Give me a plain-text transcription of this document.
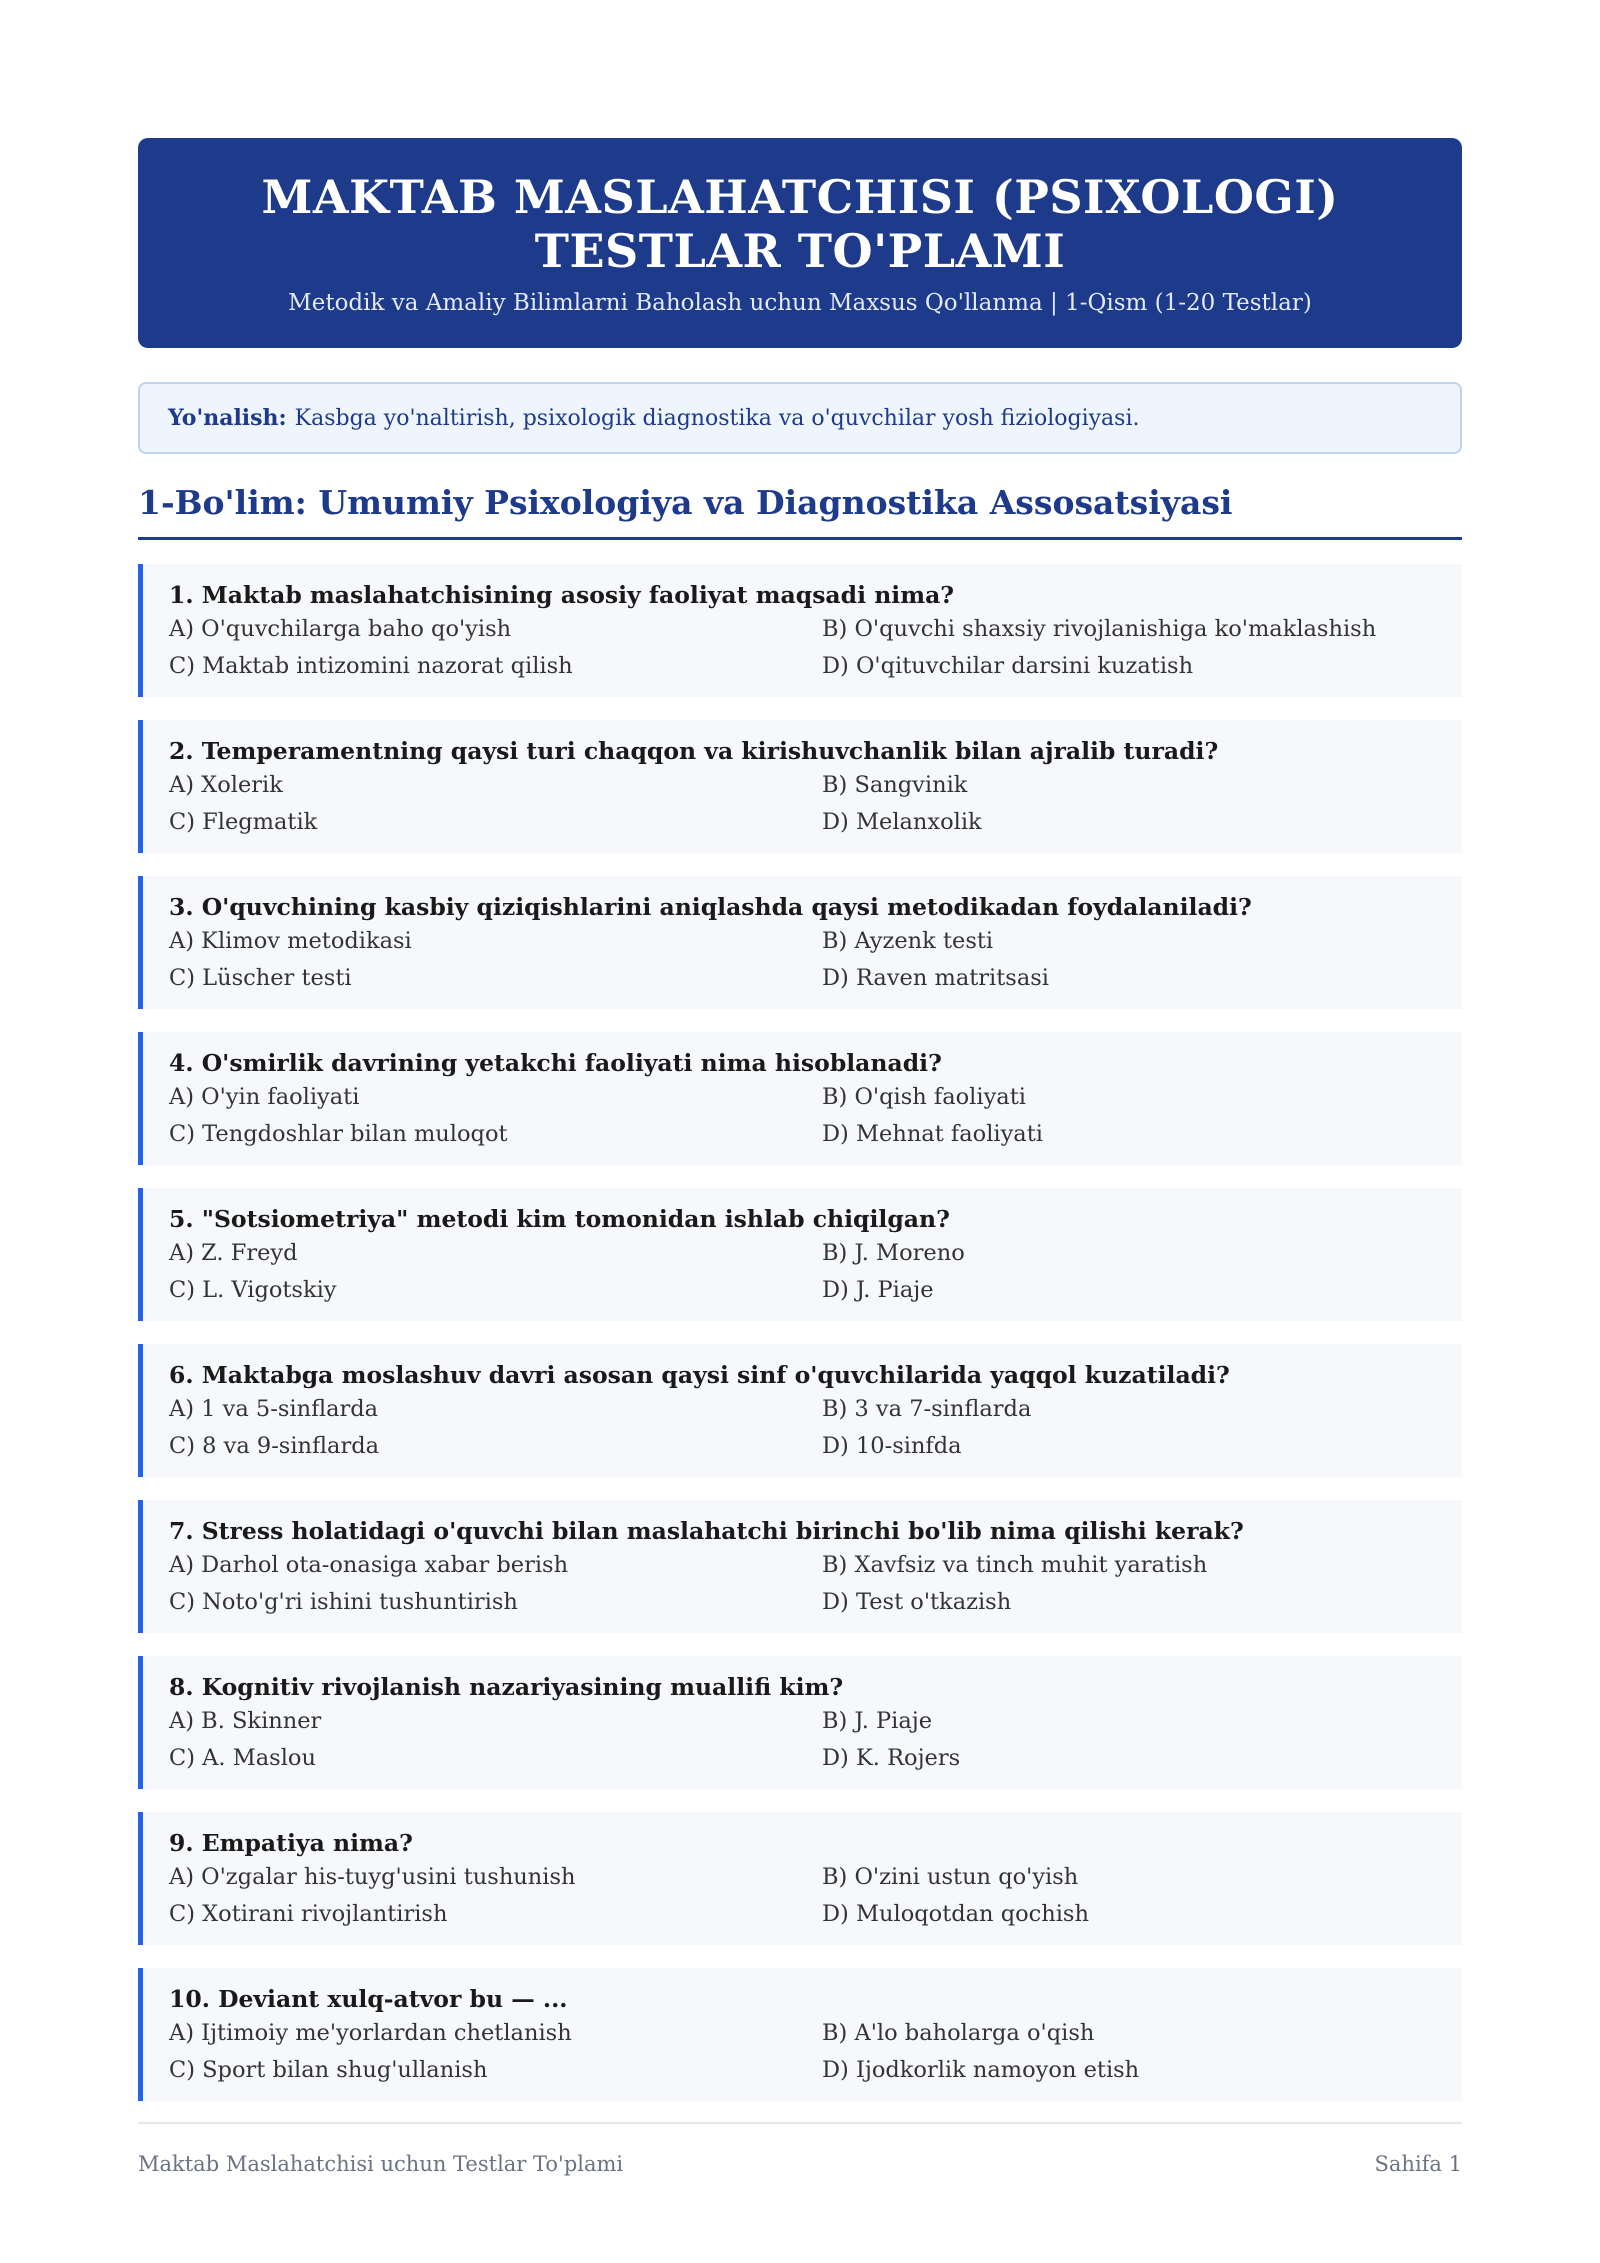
MAKTAB MASLAHATCHISI (PSIXOLOGI)
TESTLAR TO'PLAMI
Metodik va Amaliy Bilimlarni Baholash uchun Maxsus Qo'llanma | 1-Qism (1-20 Testlar)
Yo'nalish: Kasbga yo'naltirish, psixologik diagnostika va o'quvchilar yosh fiziologiyasi.
1-Bo'lim: Umumiy Psixologiya va Diagnostika Assosatsiyasi
1. Maktab maslahatchisining asosiy faoliyat maqsadi nima?
A) O'quvchilarga baho qo'yish	B) O'quvchi shaxsiy rivojlanishiga ko'maklashish
C) Maktab intizomini nazorat qilish	D) O'qituvchilar darsini kuzatish
2. Temperamentning qaysi turi chaqqon va kirishuvchanlik bilan ajralib turadi?
A) Xolerik	B) Sangvinik
C) Flegmatik	D) Melanxolik
3. O'quvchining kasbiy qiziqishlarini aniqlashda qaysi metodikadan foydalaniladi?
A) Klimov metodikasi	B) Ayzenk testi
C) Lüscher testi	D) Raven matritsasi
4. O'smirlik davrining yetakchi faoliyati nima hisoblanadi?
A) O'yin faoliyati	B) O'qish faoliyati
C) Tengdoshlar bilan muloqot	D) Mehnat faoliyati
5. "Sotsiometriya" metodi kim tomonidan ishlab chiqilgan?
A) Z. Freyd	B) J. Moreno
C) L. Vigotskiy	D) J. Piaje
6. Maktabga moslashuv davri asosan qaysi sinf o'quvchilarida yaqqol kuzatiladi?
A) 1 va 5-sinflarda	B) 3 va 7-sinflarda
C) 8 va 9-sinflarda	D) 10-sinfda
7. Stress holatidagi o'quvchi bilan maslahatchi birinchi bo'lib nima qilishi kerak?
A) Darhol ota-onasiga xabar berish	B) Xavfsiz va tinch muhit yaratish
C) Noto'g'ri ishini tushuntirish	D) Test o'tkazish
8. Kognitiv rivojlanish nazariyasining muallifi kim?
A) B. Skinner	B) J. Piaje
C) A. Maslou	D) K. Rojers
9. Empatiya nima?
A) O'zgalar his-tuyg'usini tushunish	B) O'zini ustun qo'yish
C) Xotirani rivojlantirish	D) Muloqotdan qochish
10. Deviant xulq-atvor bu — ...
A) Ijtimoiy me'yorlardan chetlanish	B) A'lo baholarga o'qish
C) Sport bilan shug'ullanish	D) Ijodkorlik namoyon etish
Maktab Maslahatchisi uchun Testlar To'plami	Sahifa 1
